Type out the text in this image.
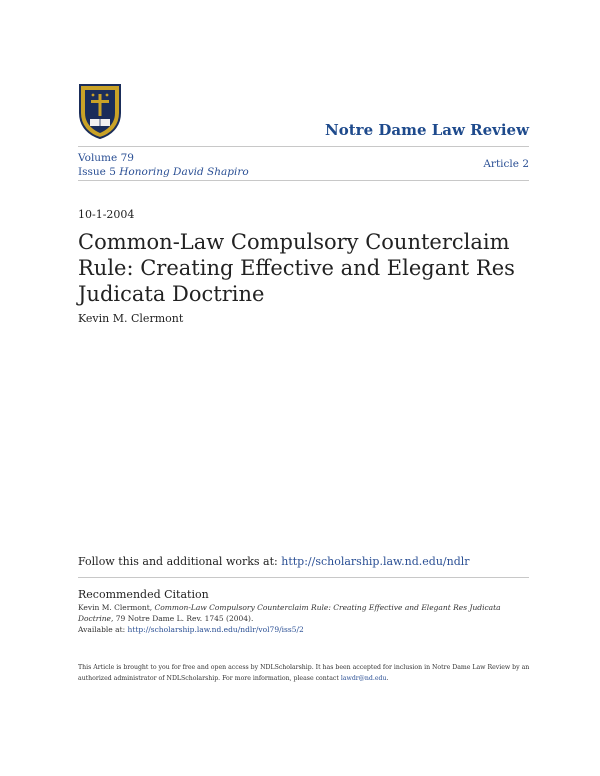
Notre Dame Law Review
Volume 79
Issue 5 Honoring David Shapiro
Article 2
10-1-2004
Common-Law Compulsory Counterclaim Rule: Creating Effective and Elegant Res Judicata Doctrine
Kevin M. Clermont
Follow this and additional works at: http://scholarship.law.nd.edu/ndlr
Recommended Citation
Kevin M. Clermont, Common-Law Compulsory Counterclaim Rule: Creating Effective and Elegant Res Judicata Doctrine, 79 Notre Dame L. Rev. 1745 (2004).
Available at: http://scholarship.law.nd.edu/ndlr/vol79/iss5/2
This Article is brought to you for free and open access by NDLScholarship. It has been accepted for inclusion in Notre Dame Law Review by an authorized administrator of NDLScholarship. For more information, please contact lawdr@nd.edu.
